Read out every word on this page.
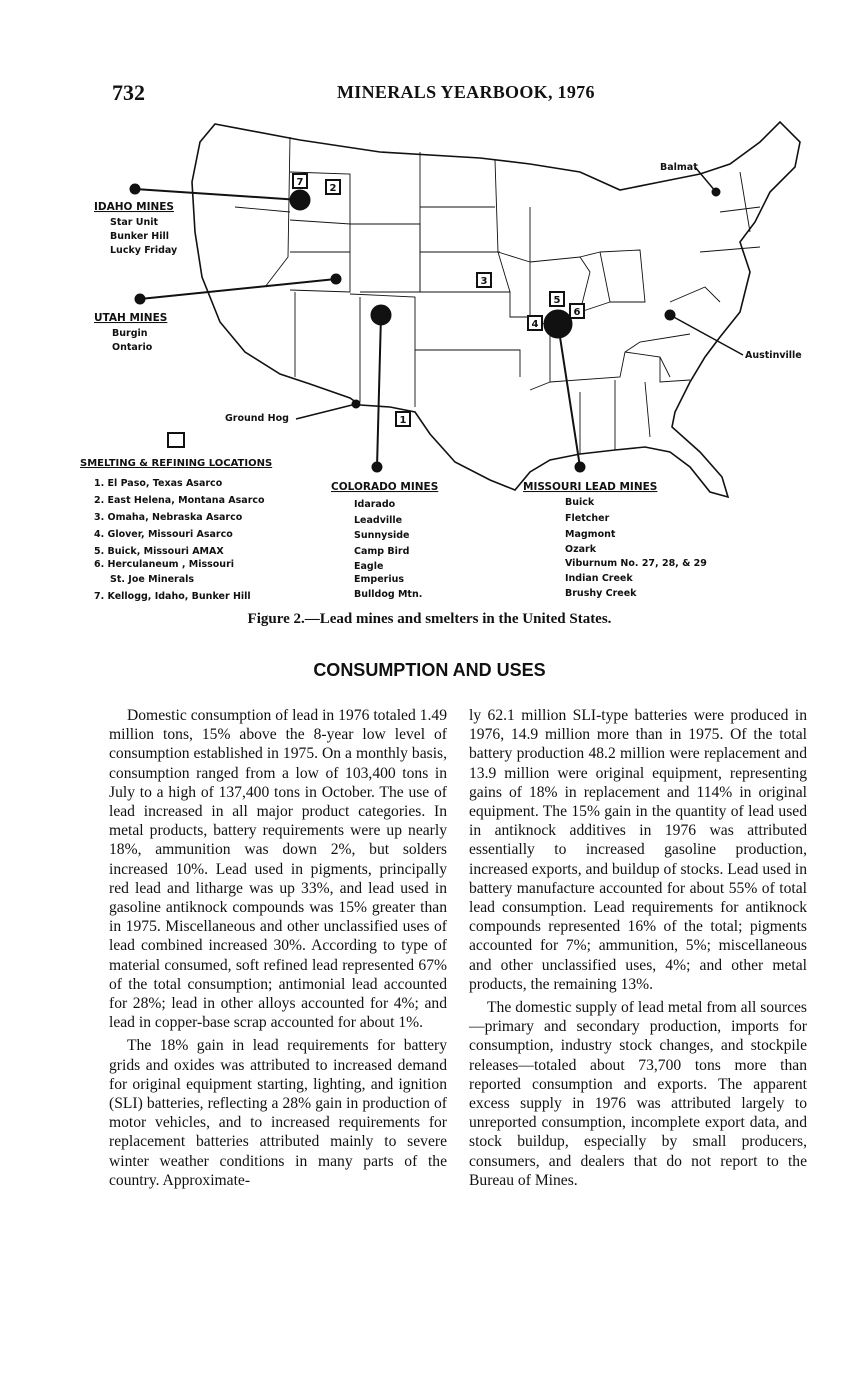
732	MINERALS YEARBOOK, 1976
7
2
3
5
6
4
1
IDAHO MINES
Star Unit
Bunker Hill
Lucky Friday
UTAH MINES
Burgin
Ontario
Balmat
Austinville
Ground Hog
SMELTING & REFINING LOCATIONS
1. El Paso, Texas Asarco
2. East Helena, Montana Asarco
3. Omaha, Nebraska Asarco
4. Glover, Missouri Asarco
5. Buick, Missouri AMAX
6. Herculaneum , Missouri
St. Joe Minerals
7. Kellogg, Idaho, Bunker Hill
COLORADO MINES
Idarado
Leadville
Sunnyside
Camp Bird
Eagle
Emperius
Bulldog Mtn.
MISSOURI LEAD MINES
Buick
Fletcher
Magmont
Ozark
Viburnum No. 27, 28, & 29
Indian Creek
Brushy Creek
Figure 2.—Lead mines and smelters in the United States.
CONSUMPTION AND USES

Domestic consumption of lead in 1976 totaled 1.49 million tons, 15% above the 8-year low level of consumption established in 1975. On a monthly basis, consumption ranged from a low of 103,400 tons in July to a high of 137,400 tons in October. The use of lead increased in all major product categories. In metal products, battery requirements were up nearly 18%, ammunition was down 2%, but solders increased 10%. Lead used in pigments, principally red lead and litharge was up 33%, and lead used in gasoline antiknock compounds was 15% greater than in 1975. Miscellaneous and other unclassified uses of lead combined increased 30%. According to type of material consumed, soft refined lead represented 67% of the total consumption; antimonial lead accounted for 28%; lead in other alloys accounted for 4%; and lead in copper-base scrap accounted for about 1%.

The 18% gain in lead requirements for battery grids and oxides was attributed to increased demand for original equipment starting, lighting, and ignition (SLI) batteries, reflecting a 28% gain in production of motor vehicles, and to increased requirements for replacement batteries attributed mainly to severe winter weather conditions in many parts of the country. Approximate-

ly 62.1 million SLI-type batteries were produced in 1976, 14.9 million more than in 1975. Of the total battery production 48.2 million were replacement and 13.9 million were original equipment, representing gains of 18% in replacement and 114% in original equipment. The 15% gain in the quantity of lead used in antiknock additives in 1976 was attributed essentially to increased gasoline production, increased exports, and buildup of stocks. Lead used in battery manufacture accounted for about 55% of total lead consumption. Lead requirements for antiknock compounds represented 16% of the total; pigments accounted for 7%; ammunition, 5%; miscellaneous and other unclassified uses, 4%; and other metal products, the remaining 13%.

The domestic supply of lead metal from all sources—primary and secondary production, imports for consumption, industry stock changes, and stockpile releases—totaled about 73,700 tons more than reported consumption and exports. The apparent excess supply in 1976 was attributed largely to unreported consumption, incomplete export data, and stock buildup, especially by small producers, consumers, and dealers that do not report to the Bureau of Mines.
